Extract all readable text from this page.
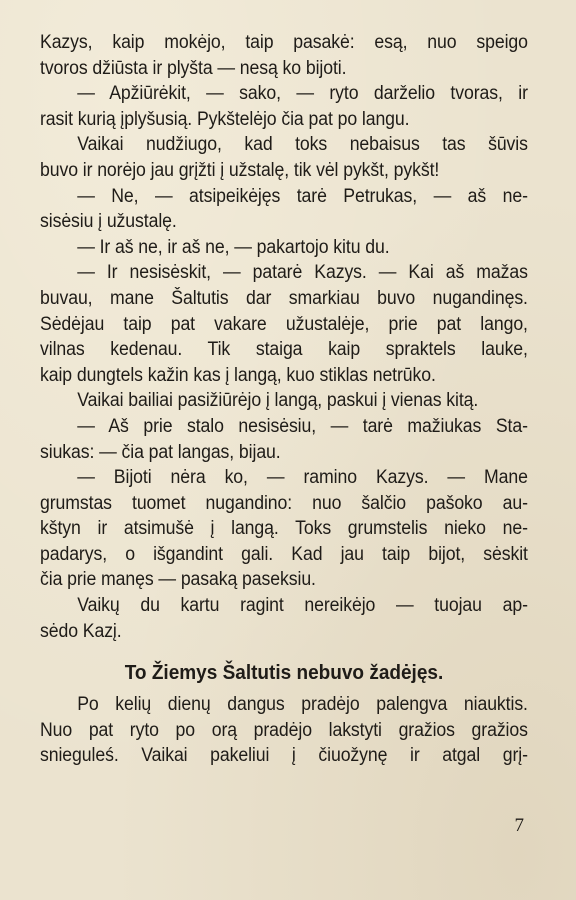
Kazys, kaip mokėjo, taip pasakė: esą, nuo speigo
tvoros džiūsta ir plyšta — nesą ko bijoti.
— Apžiūrėkit, — sako, — ryto darželio tvoras, ir
rasit kurią įplyšusią. Pykštelėjo čia pat po langu.
Vaikai nudžiugo, kad toks nebaisus tas šūvis
buvo ir norėjo jau grįžti į užstalę, tik vėl pykšt, pykšt!
— Ne, — atsipeikėjęs tarė Petrukas, — aš ne-
sisėsiu į užustalę.
— Ir aš ne, ir aš ne, — pakartojo kitu du.
— Ir nesisėskit, — patarė Kazys. — Kai aš mažas
buvau, mane Šaltutis dar smarkiau buvo nugandinęs.
Sėdėjau taip pat vakare užustalėje, prie pat lango,
vilnas kedenau. Tik staiga kaip spraktels lauke,
kaip dungtels kažin kas į langą, kuo stiklas netrūko.
Vaikai bailiai pasižiūrėjo į langą, paskui į vienas kitą.
— Aš prie stalo nesisėsiu, — tarė mažiukas Sta-
siukas: — čia pat langas, bijau.
— Bijoti nėra ko, — ramino Kazys. — Mane
grumstas tuomet nugandino: nuo šalčio pašoko au-
kštyn ir atsimušė į langą. Toks grumstelis nieko ne-
padarys, o išgandint gali. Kad jau taip bijot, sėskit
čia prie manęs — pasaką paseksiu.
Vaikų du kartu ragint nereikėjo — tuojau ap-
sėdo Kazį.
To Žiemys Šaltutis nebuvo žadėjęs.
Po kelių dienų dangus pradėjo palengva niauktis.
Nuo pat ryto po orą pradėjo lakstyti gražios gražios
snieguleś. Vaikai pakeliui į čiuožynę ir atgal grį-
7
